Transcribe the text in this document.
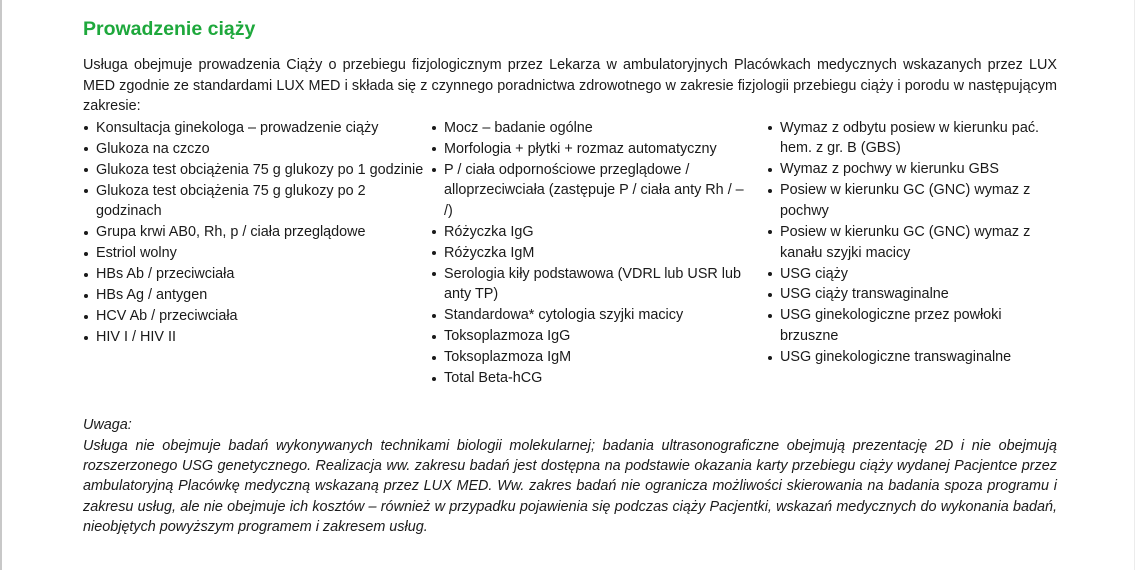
Prowadzenie ciąży

Usługa obejmuje prowadzenia Ciąży o przebiegu fizjologicznym przez Lekarza w ambulatoryjnych Placówkach medycznych wskazanych przez LUX MED zgodnie ze standardami LUX MED i składa się z czynnego poradnictwa zdrowotnego w zakresie fizjologii przebiegu ciąży i porodu w następującym zakresie:

Konsultacja ginekologa – prowadzenie ciąży
Glukoza na czczo
Glukoza test obciążenia 75 g glukozy po 1 godzinie
Glukoza test obciążenia 75 g glukozy po 2 godzinach
Grupa krwi AB0, Rh, p / ciała przeglądowe
Estriol wolny
HBs Ab / przeciwciała
HBs Ag / antygen
HCV Ab / przeciwciała
HIV I / HIV II
Mocz – badanie ogólne
Morfologia + płytki + rozmaz automatyczny
P / ciała odpornościowe przeglądowe / alloprzeciwciała (zastępuje P / ciała anty Rh / – /)
Różyczka IgG
Różyczka IgM
Serologia kiły podstawowa (VDRL lub USR lub anty TP)
Standardowa* cytologia szyjki macicy
Toksoplazmoza IgG
Toksoplazmoza IgM
Total Beta-hCG
Wymaz z odbytu posiew w kierunku pać. hem. z gr. B (GBS)
Wymaz z pochwy w kierunku GBS
Posiew w kierunku GC (GNC) wymaz z pochwy
Posiew w kierunku GC (GNC) wymaz z kanału szyjki macicy
USG ciąży
USG ciąży transwaginalne
USG ginekologiczne przez powłoki brzuszne
USG ginekologiczne transwaginalne
Uwaga:
Usługa nie obejmuje badań wykonywanych technikami biologii molekularnej; badania ultrasonograficzne obejmują prezentację 2D i nie obejmują rozszerzonego USG genetycznego. Realizacja ww. zakresu badań jest dostępna na podstawie okazania karty przebiegu ciąży wydanej Pacjentce przez ambulatoryjną Placówkę medyczną wskazaną przez LUX MED. Ww. zakres badań nie ogranicza możliwości skierowania na badania spoza programu i zakresu usług, ale nie obejmuje ich kosztów – również w przypadku pojawienia się podczas ciąży Pacjentki, wskazań medycznych do wykonania badań, nieobjętych powyższym programem i zakresem usług.
